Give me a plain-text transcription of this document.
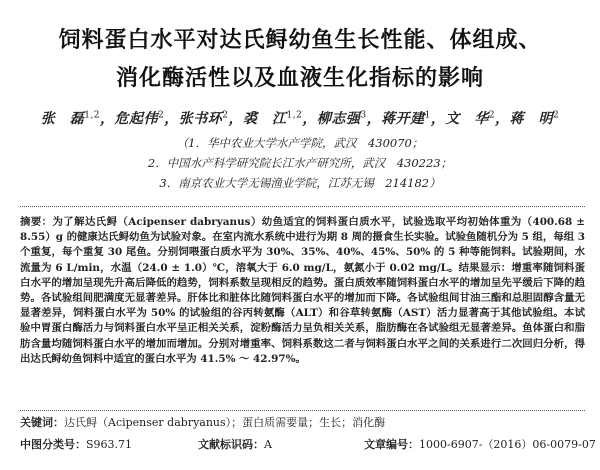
饲料蛋白水平对达氏鲟幼鱼生长性能、体组成、
消化酶活性以及血液生化指标的影响
张　磊$^{1,2}$，危起伟$^2$，张书环$^2$，裘　江$^{1,2}$，柳志强$^3$，蒋开建$^1$，文　华$^2$，蒋　明$^2$
（1．华中农业大学水产学院，武汉　430070；
2．中国水产科学研究院长江水产研究所，武汉　430223；
3．南京农业大学无锡渔业学院，江苏无锡　214182）
摘要：为了解达氏鲟（Acipenser dabryanus）幼鱼适宜的饲料蛋白质水平，试验选取平均初始体重为（400.68 ± 8.55）g 的健康达氏鲟幼鱼为试验对象。在室内流水系统中进行为期 8 周的摄食生长实验。试验鱼随机分为 5 组，每组 3 个重复，每个重复 30 尾鱼。分别饲喂蛋白质水平为 30%、35%、40%、45%、50% 的 5 种等能饲料。试验期间，水流量为 6 L/min，水温（24.0 ± 1.0）℃，溶氧大于 6.0 mg/L，氨氮小于 0.02 mg/L。结果显示：增重率随饲料蛋白水平的增加呈现先升高后降低的趋势，饲料系数呈现相反的趋势。蛋白质效率随饲料蛋白水平的增加呈先平缓后下降的趋势。各试验组间肥满度无显著差异。肝体比和脏体比随饲料蛋白水平的增加而下降。各试验组间甘油三酯和总胆固醇含量无显著差异，饲料蛋白水平为 50% 的试验组的谷丙转氨酶（ALT）和谷草转氨酶（AST）活力显著高于其他试验组。本试验中胃蛋白酶活力与饲料蛋白水平呈正相关关系，淀粉酶活力呈负相关关系，脂肪酶在各试验组无显著差异。鱼体蛋白和脂肪含量均随饲料蛋白水平的增加而增加。分别对增重率、饲料系数这二者与饲料蛋白水平之间的关系进行二次回归分析，得出达氏鲟幼鱼饲料中适宜的蛋白水平为 41.5% ～ 42.97%。
关键词：达氏鲟（Acipenser dabryanus）；蛋白质需要量；生长；消化酶
中图分类号：S963.71	文献标识码：A	文章编号：1000-6907-（2016）06-0079-07
